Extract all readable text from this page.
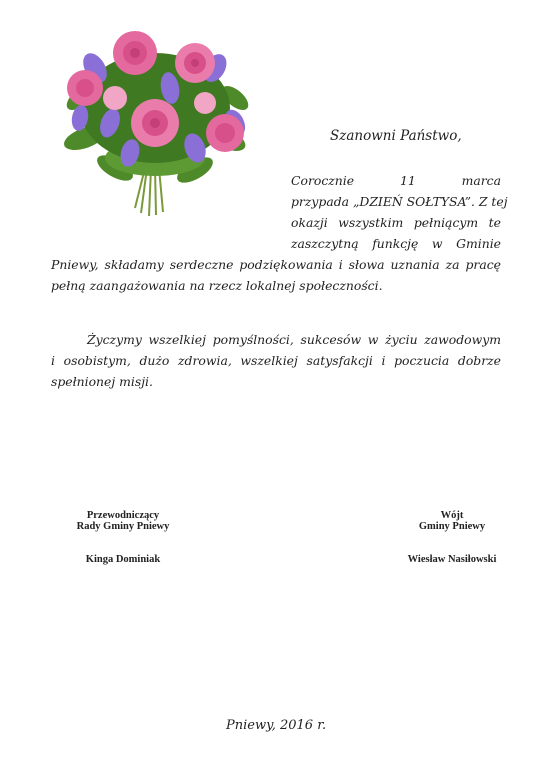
Szanowni Państwo,
Corocznie 11 marca
przypada „DZIEŃ SOŁTYSA”. Z tej
okazji wszystkim pełniącym te
zaszczytną funkcję w Gminie
Pniewy, składamy serdeczne podziękowania i słowa uznania za pracę
pełną zaangażowania na rzecz lokalnej społeczności.
Życzymy wszelkiej pomyślności, sukcesów w życiu zawodowym
i osobistym, dużo zdrowia, wszelkiej satysfakcji i poczucia dobrze
spełnionej misji.
Przewodniczący
Rady Gminy Pniewy
Kinga Dominiak
Wójt
Gminy Pniewy
Wiesław Nasiłowski
Pniewy, 2016 r.
